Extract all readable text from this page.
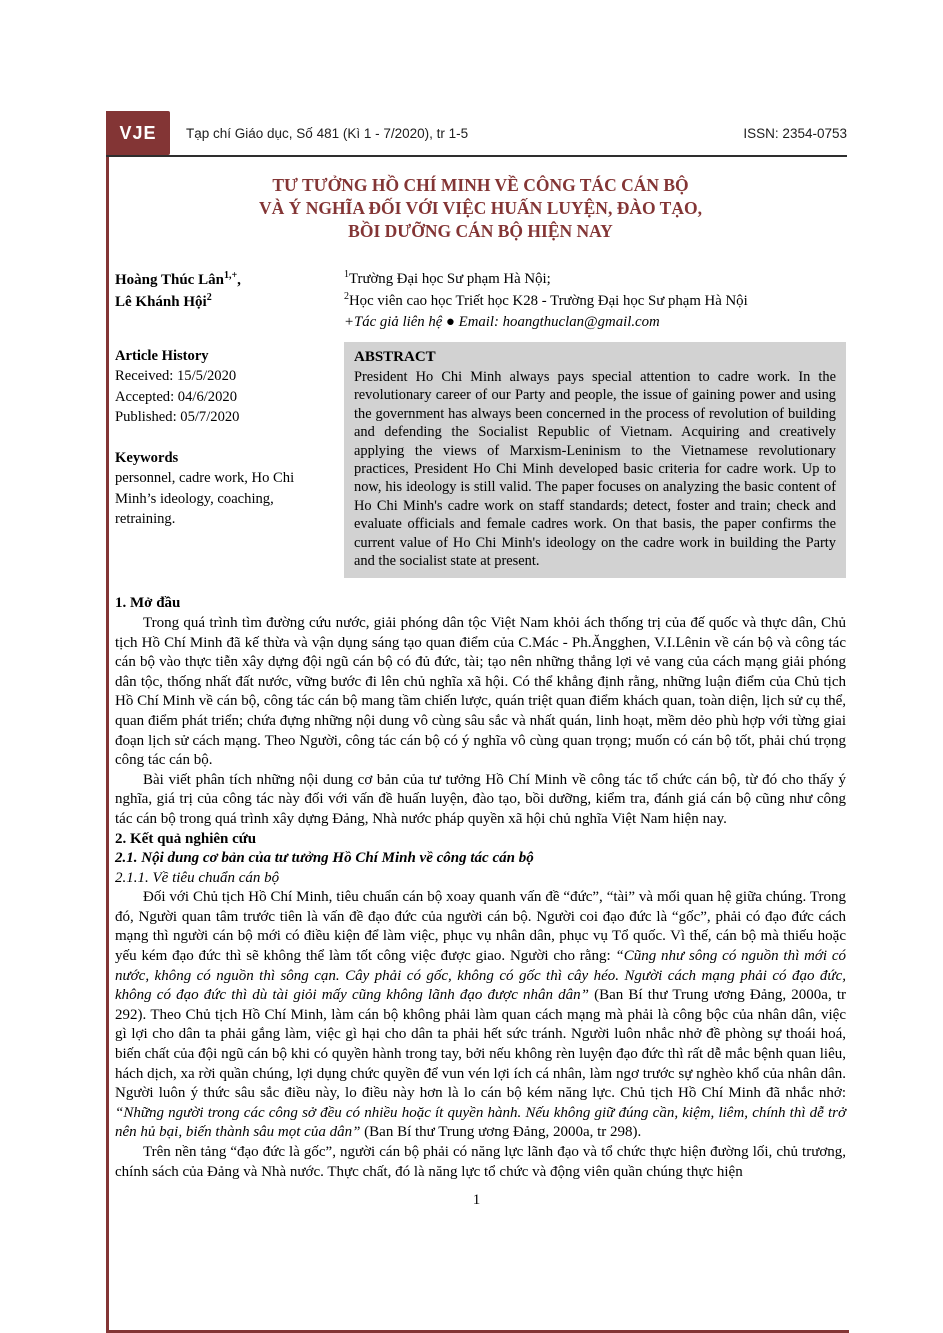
VJE	Tạp chí Giáo dục, Số 481 (Kì 1 - 7/2020), tr 1-5	ISSN: 2354-0753
TƯ TƯỞNG HỒ CHÍ MINH VỀ CÔNG TÁC CÁN BỘ
VÀ Ý NGHĨA ĐỐI VỚI VIỆC HUẤN LUYỆN, ĐÀO TẠO,
BỒI DƯỠNG CÁN BỘ HIỆN NAY
Hoàng Thúc Lân$^{1,+}$,
Lê Khánh Hội$^2$
$^1$Trường Đại học Sư phạm Hà Nội;
$^2$Học viên cao học Triết học K28 - Trường Đại học Sư phạm Hà Nội
+Tác giả liên hệ ● Email: hoangthuclan@gmail.com
Article History
Received: 15/5/2020
Accepted: 04/6/2020
Published: 05/7/2020
Keywords
personnel, cadre work, Ho Chi Minh’s ideology, coaching, retraining.
ABSTRACT
President Ho Chi Minh always pays special attention to cadre work. In the revolutionary career of our Party and people, the issue of gaining power and using the government has always been concerned in the process of revolution of building and defending the Socialist Republic of Vietnam. Acquiring and creatively applying the views of Marxism-Leninism to the Vietnamese revolutionary practices, President Ho Chi Minh developed basic criteria for cadre work. Up to now, his ideology is still valid. The paper focuses on analyzing the basic content of Ho Chi Minh's cadre work on staff standards; detect, foster and train; check and evaluate officials and female cadres work. On that basis, the paper confirms the current value of Ho Chi Minh's ideology on the cadre work in building the Party and the socialist state at present.
1. Mở đầu

Trong quá trình tìm đường cứu nước, giải phóng dân tộc Việt Nam khỏi ách thống trị của đế quốc và thực dân, Chủ tịch Hồ Chí Minh đã kế thừa và vận dụng sáng tạo quan điểm của C.Mác - Ph.Ăngghen, V.I.Lênin về cán bộ và công tác cán bộ vào thực tiễn xây dựng đội ngũ cán bộ có đủ đức, tài; tạo nên những thắng lợi vẻ vang của cách mạng giải phóng dân tộc, thống nhất đất nước, vững bước đi lên chủ nghĩa xã hội. Có thể khẳng định rằng, những luận điểm của Chủ tịch Hồ Chí Minh về cán bộ, công tác cán bộ mang tầm chiến lược, quán triệt quan điểm khách quan, toàn diện, lịch sử cụ thể, quan điểm phát triển; chứa đựng những nội dung vô cùng sâu sắc và nhất quán, linh hoạt, mềm dẻo phù hợp với từng giai đoạn lịch sử cách mạng. Theo Người, công tác cán bộ có ý nghĩa vô cùng quan trọng; muốn có cán bộ tốt, phải chú trọng công tác cán bộ.

Bài viết phân tích những nội dung cơ bản của tư tưởng Hồ Chí Minh về công tác tổ chức cán bộ, từ đó cho thấy ý nghĩa, giá trị của công tác này đối với vấn đề huấn luyện, đào tạo, bồi dưỡng, kiểm tra, đánh giá cán bộ cũng như công tác cán bộ trong quá trình xây dựng Đảng, Nhà nước pháp quyền xã hội chủ nghĩa Việt Nam hiện nay.

2. Kết quả nghiên cứu
2.1. Nội dung cơ bản của tư tưởng Hồ Chí Minh về công tác cán bộ
2.1.1. Về tiêu chuẩn cán bộ

Đối với Chủ tịch Hồ Chí Minh, tiêu chuẩn cán bộ xoay quanh vấn đề “đức”, “tài” và mối quan hệ giữa chúng. Trong đó, Người quan tâm trước tiên là vấn đề đạo đức của người cán bộ. Người coi đạo đức là “gốc”, phải có đạo đức cách mạng thì người cán bộ mới có điều kiện để làm việc, phục vụ nhân dân, phục vụ Tổ quốc. Vì thế, cán bộ mà thiếu hoặc yếu kém đạo đức thì sẽ không thể làm tốt công việc được giao. Người cho rằng: “Cũng như sông có nguồn thì mới có nước, không có nguồn thì sông cạn. Cây phải có gốc, không có gốc thì cây héo. Người cách mạng phải có đạo đức, không có đạo đức thì dù tài giỏi mấy cũng không lãnh đạo được nhân dân” (Ban Bí thư Trung ương Đảng, 2000a, tr 292). Theo Chủ tịch Hồ Chí Minh, làm cán bộ không phải làm quan cách mạng mà phải là công bộc của nhân dân, việc gì lợi cho dân ta phải gắng làm, việc gì hại cho dân ta phải hết sức tránh. Người luôn nhắc nhở đề phòng sự thoái hoá, biến chất của đội ngũ cán bộ khi có quyền hành trong tay, bởi nếu không rèn luyện đạo đức thì rất dễ mắc bệnh quan liêu, hách dịch, xa rời quần chúng, lợi dụng chức quyền để vun vén lợi ích cá nhân, làm ngơ trước sự nghèo khổ của nhân dân. Người luôn ý thức sâu sắc điều này, lo điều này hơn là lo cán bộ kém năng lực. Chủ tịch Hồ Chí Minh đã nhắc nhở: “Những người trong các công sở đều có nhiều hoặc ít quyền hành. Nếu không giữ đúng cần, kiệm, liêm, chính thì dễ trở nên hủ bại, biến thành sâu mọt của dân” (Ban Bí thư Trung ương Đảng, 2000a, tr 298).

Trên nền tảng “đạo đức là gốc”, người cán bộ phải có năng lực lãnh đạo và tổ chức thực hiện đường lối, chủ trương, chính sách của Đảng và Nhà nước. Thực chất, đó là năng lực tổ chức và động viên quần chúng thực hiện

1
